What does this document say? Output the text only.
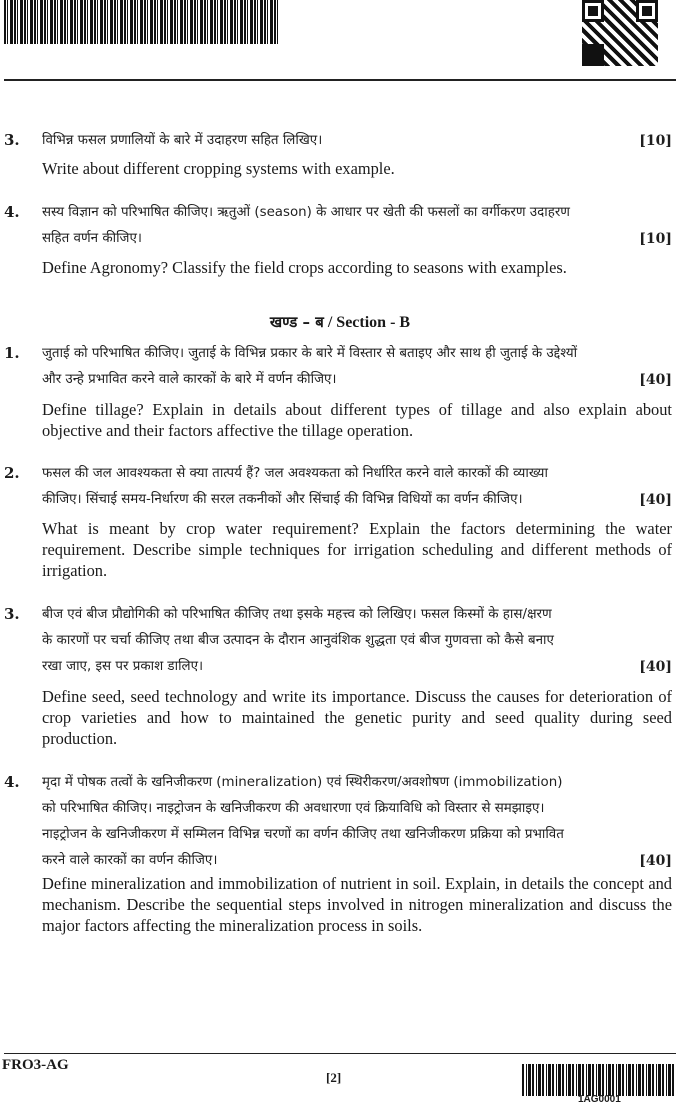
3. विभिन्न फसल प्रणालियों के बारे में उदाहरण सहित लिखिए।	[10]
Write about different cropping systems with example.
4. सस्य विज्ञान को परिभाषित कीजिए। ऋतुओं (season) के आधार पर खेती की फसलों का वर्गीकरण उदाहरण
सहित वर्णन कीजिए।	[10]
Define Agronomy? Classify the field crops according to seasons with examples.
खण्ड – ब / Section - B
1. जुताई को परिभाषित कीजिए। जुताई के विभिन्न प्रकार के बारे में विस्तार से बताइए और साथ ही जुताई के उद्देश्यों
और उन्हे प्रभावित करने वाले कारकों के बारे में वर्णन कीजिए।	[40]
Define tillage? Explain in details about different types of tillage and also explain about objective and their factors affective the tillage operation.
2. फसल की जल आवश्यकता से क्या तात्पर्य हैं? जल अवश्यकता को निर्धारित करने वाले कारकों की व्याख्या
कीजिए। सिंचाई समय-निर्धारण की सरल तकनीकों और सिंचाई की विभिन्न विधियों का वर्णन कीजिए।	[40]
What is meant by crop water requirement? Explain the factors determining the water requirement. Describe simple techniques for irrigation scheduling and different methods of irrigation.
3. बीज एवं बीज प्रौद्योगिकी को परिभाषित कीजिए तथा इसके महत्त्व को लिखिए। फसल किस्मों के हास/क्षरण
के कारणों पर चर्चा कीजिए तथा बीज उत्पादन के दौरान आनुवंशिक शुद्धता एवं बीज गुणवत्ता को कैसे बनाए
रखा जाए, इस पर प्रकाश डालिए।	[40]
Define seed, seed technology and write its importance. Discuss the causes for deterioration of crop varieties and how to maintained the genetic purity and seed quality during seed production.
4. मृदा में पोषक तत्वों के खनिजीकरण (mineralization) एवं स्थिरीकरण/अवशोषण (immobilization)
को परिभाषित कीजिए। नाइट्रोजन के खनिजीकरण की अवधारणा एवं क्रियाविधि को विस्तार से समझाइए।
नाइट्रोजन के खनिजीकरण में सम्मिलन विभिन्न चरणों का वर्णन कीजिए तथा खनिजीकरण प्रक्रिया को प्रभावित
करने वाले कारकों का वर्णन कीजिए।	[40]
Define mineralization and immobilization of nutrient in soil. Explain, in details the concept and mechanism. Describe the sequential steps involved in nitrogen mineralization and discuss the major factors affecting the mineralization process in soils.
FRO3-AG
[2]
1AG0001
